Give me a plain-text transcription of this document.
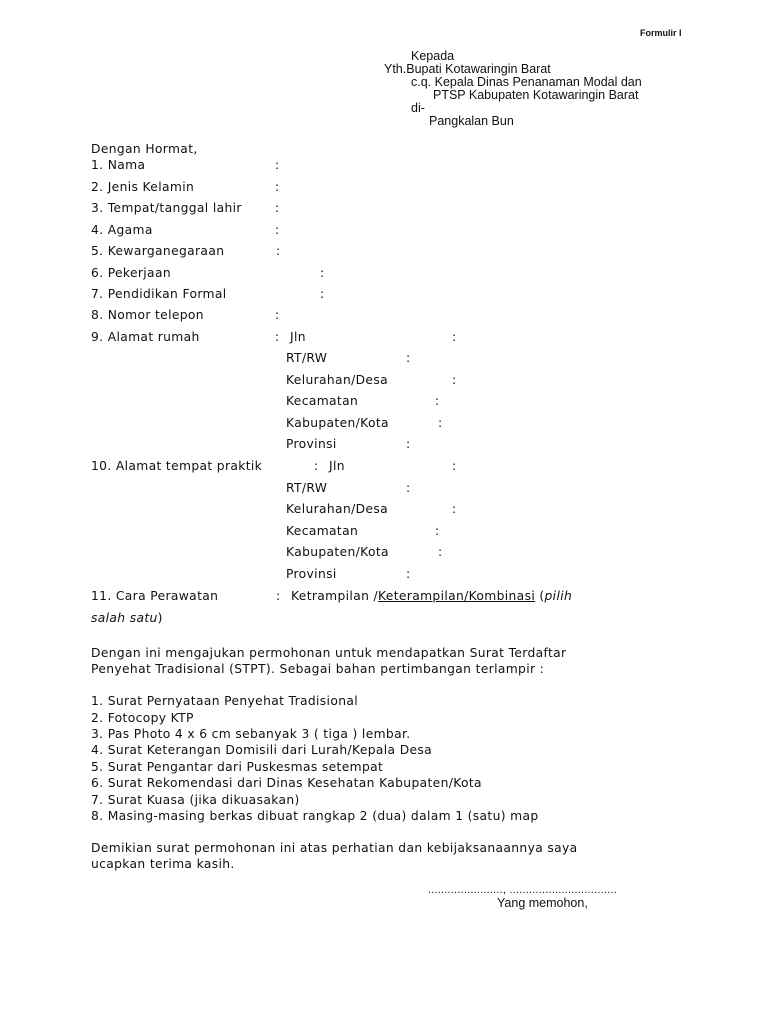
Formulir I
Kepada
Yth.Bupati Kotawaringin Barat
c.q. Kepala Dinas Penanaman Modal dan
PTSP Kabupaten Kotawaringin Barat
di-
Pangkalan Bun
Dengan Hormat,
1. Nama	:
2. Jenis Kelamin	:
3. Tempat/tanggal lahir	:
4. Agama	:
5. Kewarganegaraan	:
6. Pekerjaan	:
7. Pendidikan Formal	:
8. Nomor telepon	:
9. Alamat rumah	: Jln	:
RT/RW	:
Kelurahan/Desa	:
Kecamatan	:
Kabupaten/Kota	:
Provinsi	:
10. Alamat tempat praktik	: Jln	:
RT/RW	:
Kelurahan/Desa	:
Kecamatan	:
Kabupaten/Kota	:
Provinsi	:
11. Cara Perawatan	: Ketrampilan /Keterampilan/Kombinasi (pilih
salah satu)
Dengan ini mengajukan permohonan untuk mendapatkan Surat Terdaftar
Penyehat Tradisional (STPT). Sebagai bahan pertimbangan terlampir :
1. Surat Pernyataan Penyehat Tradisional
2. Fotocopy KTP
3. Pas Photo 4 x 6 cm sebanyak 3 ( tiga ) lembar.
4. Surat Keterangan Domisili dari Lurah/Kepala Desa
5. Surat Pengantar dari Puskesmas setempat
6. Surat Rekomendasi dari Dinas Kesehatan Kabupaten/Kota
7. Surat Kuasa (jika dikuasakan)
8. Masing-masing berkas dibuat rangkap 2 (dua) dalam 1 (satu) map
Demikian surat permohonan ini atas perhatian dan kebijaksanaannya saya
ucapkan terima kasih.
......................., .................................
Yang memohon,
